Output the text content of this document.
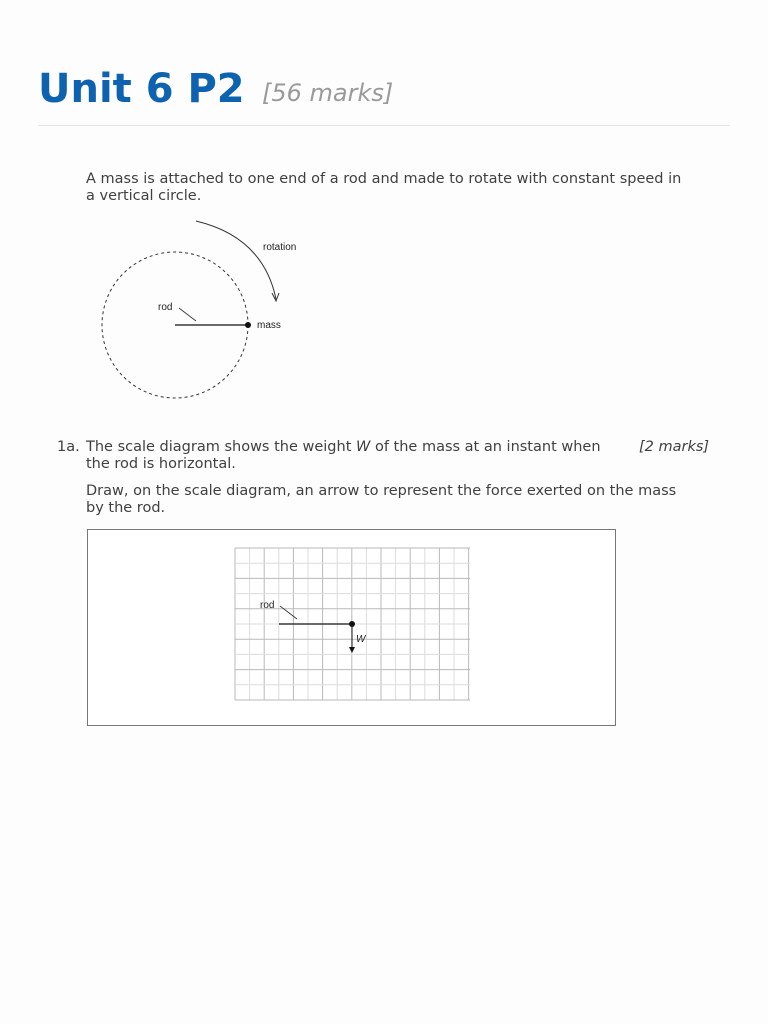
Unit 6 P2 [56 marks]
A mass is attached to one end of a rod and made to rotate with constant speed in
a vertical circle.
rotation
rod
mass
1a.	[2 marks]
The scale diagram shows the weight W of the mass at an instant when
the rod is horizontal.
Draw, on the scale diagram, an arrow to represent the force exerted on the mass
by the rod.
rod
W
